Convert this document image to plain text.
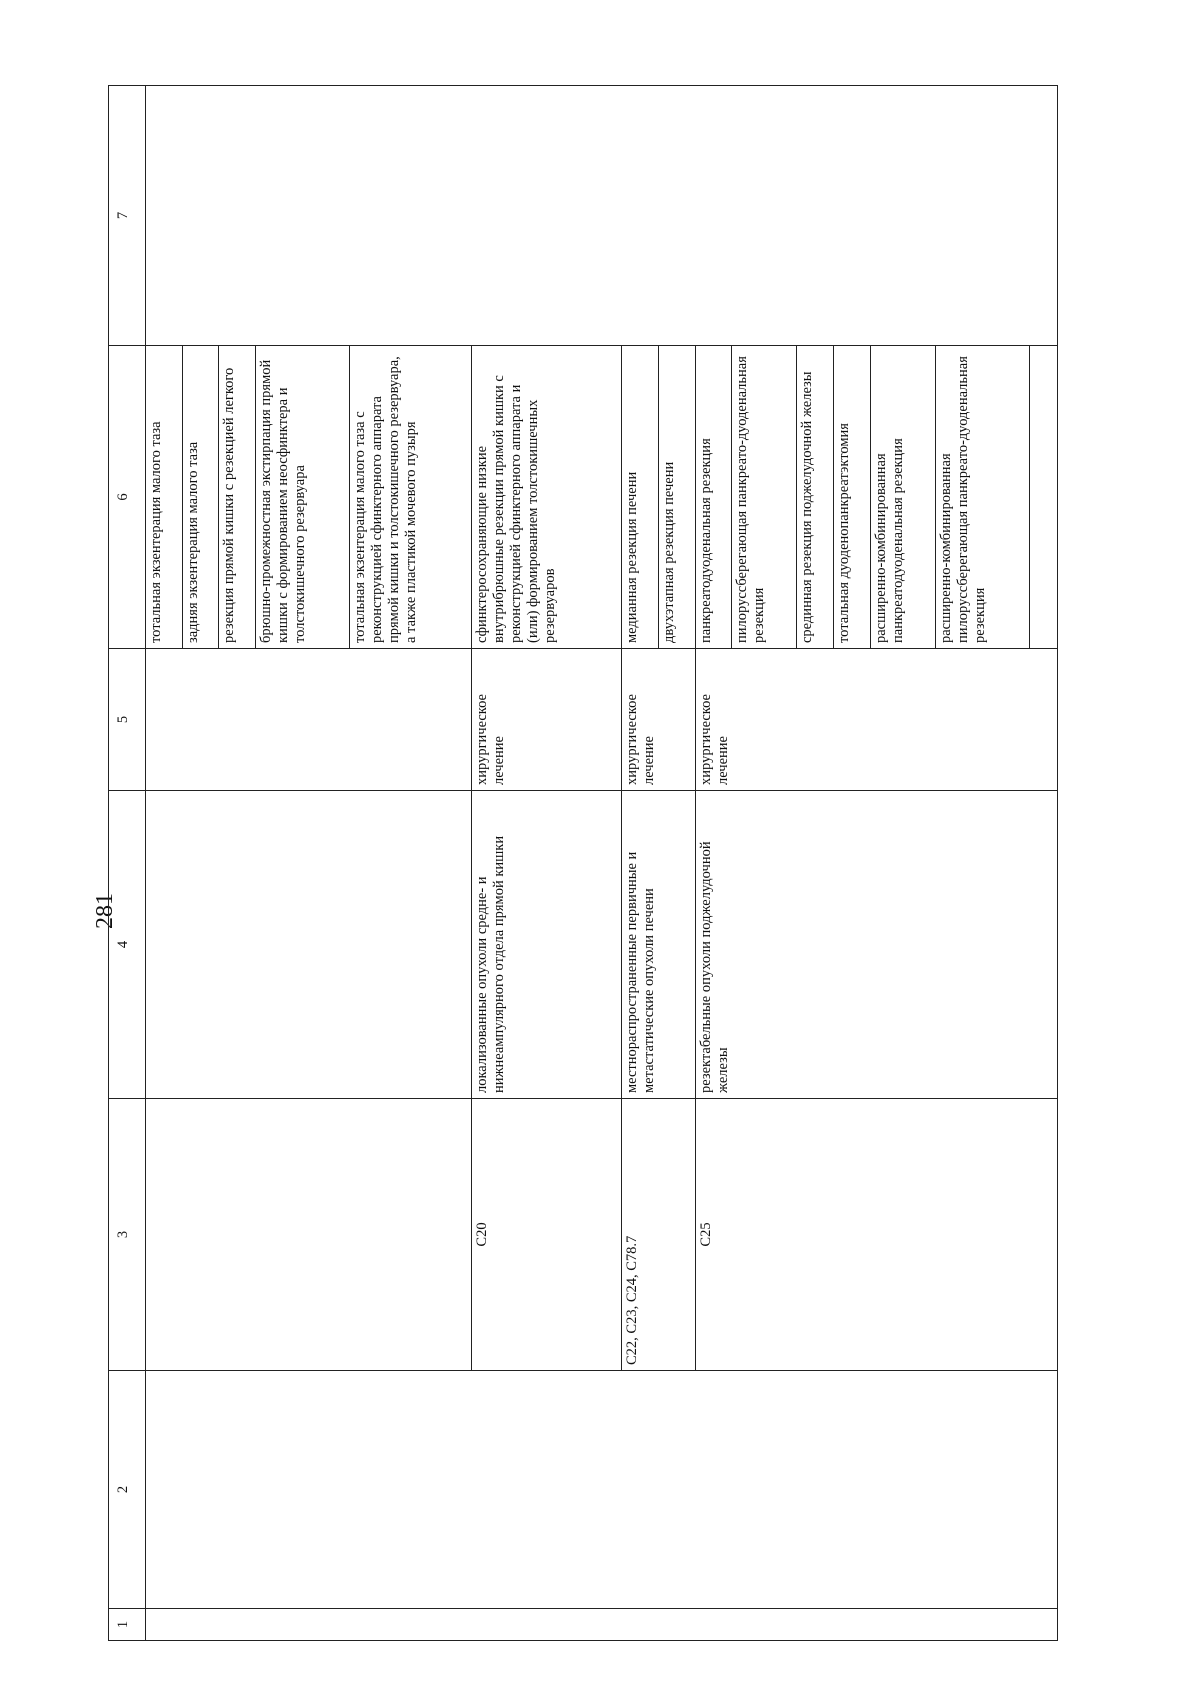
281
1	2	3	4	5	6	7
					тотальная экзентерация малого таза	
					задняя экзентерация малого таза	
					резекция прямой кишки с резекцией легкого	
					брюшно-промежностная экстирпация прямой кишки с формированием неосфинктера и толстокишечного резервуара	
					тотальная экзентерация малого таза с реконструкцией сфинктерного аппарата прямой кишки и толстокишечного резервуара, а также пластикой мочевого пузыря	
		C20	локализованные опухоли средне- и нижнеампулярного отдела прямой кишки	хирургическое лечение	сфинктеросохраняющие низкие внутрибрюшные резекции прямой кишки с реконструкцией сфинктерного аппарата и (или) формированием толстокишечных резервуаров	
		C22, C23, C24, C78.7	местнораспространенные первичные и метастатические опухоли печени	хирургическое лечение	медианная резекция печени	
					двухэтапная резекция печени	
		C25	резектабельные опухоли поджелудочной железы	хирургическое лечение	панкреатодуоденальная резекция	
					пилоруссберегающая панкреато-дуоденальная резекция	
					срединная резекция поджелудочной железы	
					тотальная дуоденопанкреатэктомия	
					расширенно-комбинированная панкреатодуоденальная резекция	
					расширенно-комбинированная пилоруссберегающая панкреато-дуоденальная резекция	
